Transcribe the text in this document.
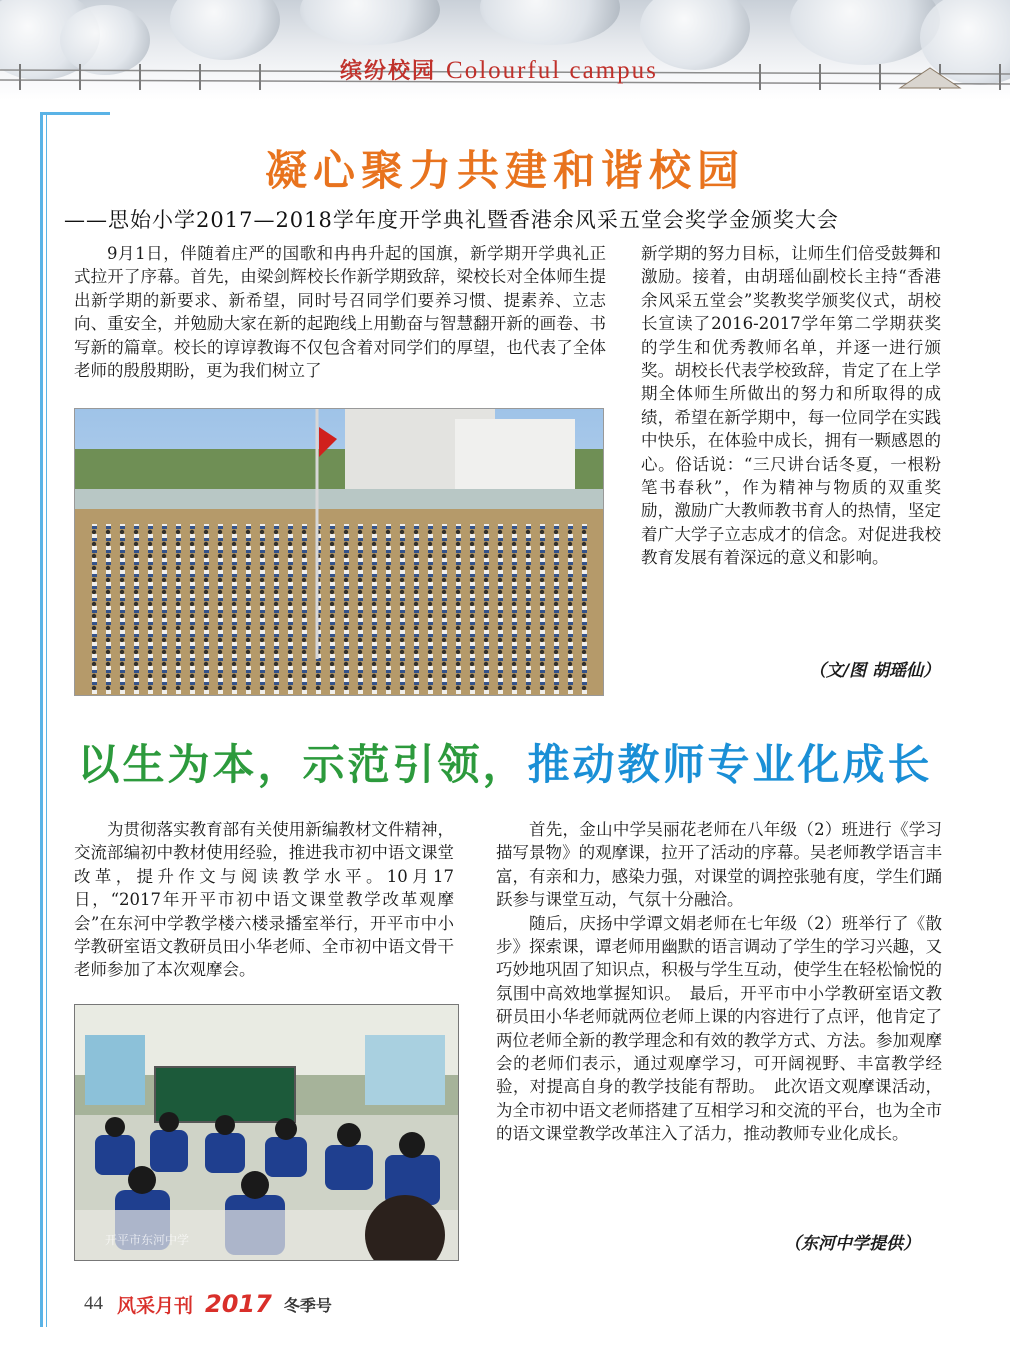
缤纷校园 Colourful campus
凝心聚力共建和谐校园
——思始小学2017—2018学年度开学典礼暨香港余风采五堂会奖学金颁奖大会

9月1日，伴随着庄严的国歌和冉冉升起的国旗，新学期开学典礼正式拉开了序幕。首先，由梁剑辉校长作新学期致辞，梁校长对全体师生提出新学期的新要求、新希望，同时号召同学们要养习惯、提素养、立志向、重安全，并勉励大家在新的起跑线上用勤奋与智慧翻开新的画卷、书写新的篇章。校长的谆谆教诲不仅包含着对同学们的厚望，也代表了全体老师的殷殷期盼，更为我们树立了

新学期的努力目标，让师生们倍受鼓舞和激励。接着，由胡瑶仙副校长主持“香港余风采五堂会”奖教奖学颁奖仪式，胡校长宣读了2016-2017学年第二学期获奖的学生和优秀教师名单，并逐一进行颁奖。胡校长代表学校致辞，肯定了在上学期全体师生所做出的努力和所取得的成绩，希望在新学期中，每一位同学在实践中快乐，在体验中成长，拥有一颗感恩的心。俗话说：“三尺讲台话冬夏，一根粉笔书春秋”，作为精神与物质的双重奖励，激励广大教师教书育人的热情，坚定着广大学子立志成才的信念。对促进我校教育发展有着深远的意义和影响。

（文/图 胡瑶仙）
以生为本，示范引领，推动教师专业化成长

为贯彻落实教育部有关使用新编教材文件精神，交流部编初中教材使用经验，推进我市初中语文课堂改革，提升作文与阅读教学水平。10月17日，“2017年开平市初中语文课堂教学改革观摩会”在东河中学教学楼六楼录播室举行，开平市中小学教研室语文教研员田小华老师、全市初中语文骨干老师参加了本次观摩会。

开平市东河中学

首先，金山中学吴丽花老师在八年级（2）班进行《学习描写景物》的观摩课，拉开了活动的序幕。吴老师教学语言丰富，有亲和力，感染力强，对课堂的调控张驰有度，学生们踊跃参与课堂互动，气氛十分融洽。

随后，庆扬中学谭文娟老师在七年级（2）班举行了《散步》探索课，谭老师用幽默的语言调动了学生的学习兴趣，又巧妙地巩固了知识点，积极与学生互动，使学生在轻松愉悦的氛围中高效地掌握知识。　最后，开平市中小学教研室语文教研员田小华老师就两位老师上课的内容进行了点评，他肯定了两位老师全新的教学理念和有效的教学方式、方法。参加观摩会的老师们表示，通过观摩学习，可开阔视野、丰富教学经验，对提高自身的教学技能有帮助。　此次语文观摩课活动，为全市初中语文老师搭建了互相学习和交流的平台，也为全市的语文课堂教学改革注入了活力，推动教师专业化成长。

（东河中学提供）
44 风采月刊 2017 冬季号
